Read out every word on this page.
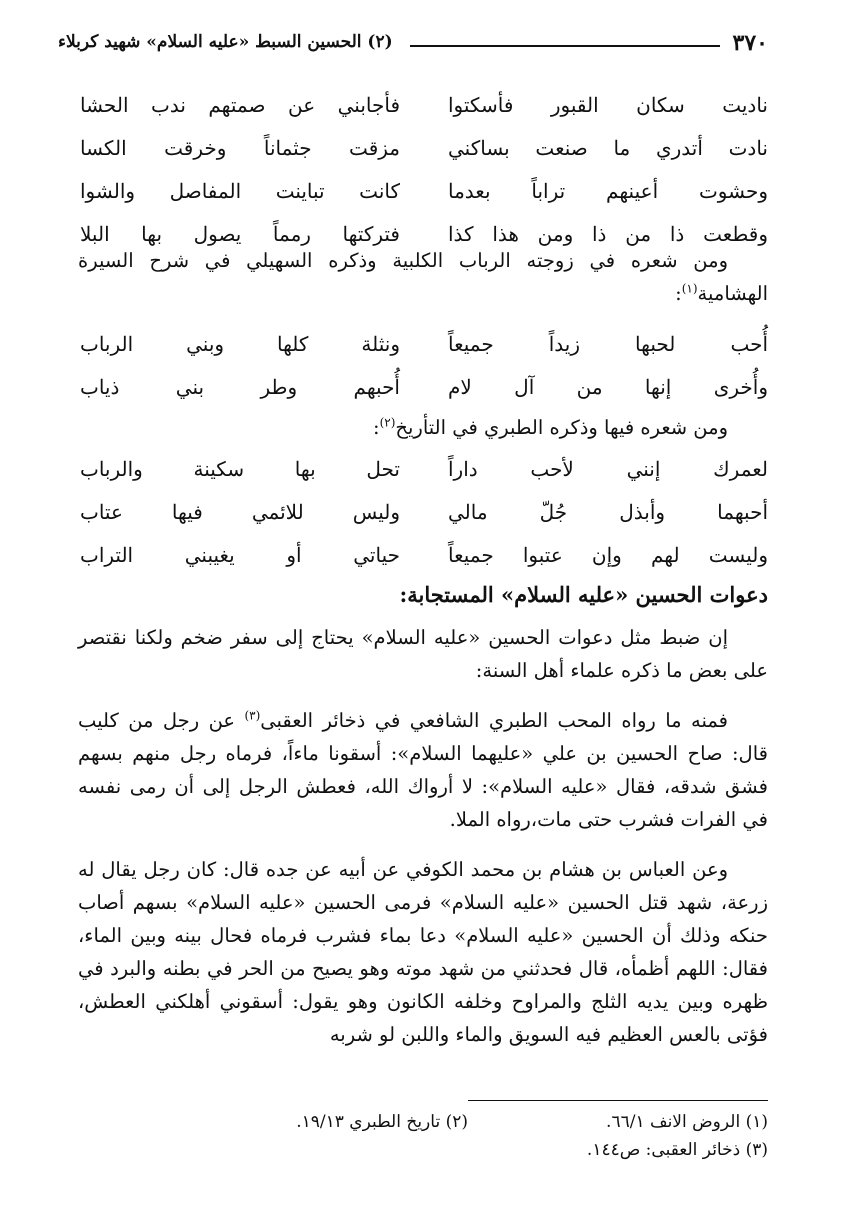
٣٧٠
(٢) الحسين السبط «عليه السلام» شهيد كربلاء
ناديت سكان القبور فأسكتوا
فأجابني عن صمتهم ندب الحشا
نادت أتدري ما صنعت بساكني
مزقت جثماناً وخرقت الكسا
وحشوت أعينهم تراباً بعدما
كانت تباينت المفاصل والشوا
وقطعت ذا من ذا ومن هذا كذا
فتركتها رمماً يصول بها البلا

ومن شعره في زوجته الرباب الكلبية وذكره السهيلي في شرح السيرة الهشامية$^{(١)}$:

أُحب لحبها زيداً جميعاً
ونثلة كلها وبني الرباب
وأُخرى إنها من آل لام
أُحبهم وطر بني ذياب

ومن شعره فيها وذكره الطبري في التأريخ$^{(٢)}$:

لعمرك إنني لأحب داراً
تحل بها سكينة والرباب
أحبهما وأبذل جُلّ مالي
وليس للائمي فيها عتاب
وليست لهم وإن عتبوا جميعاً
حياتي أو يغيبني التراب
دعوات الحسين «عليه السلام» المستجابة:

إن ضبط مثل دعوات الحسين «عليه السلام» يحتاج إلى سفر ضخم ولكنا نقتصر على بعض ما ذكره علماء أهل السنة:

فمنه ما رواه المحب الطبري الشافعي في ذخائر العقبى$^{(٣)}$ عن رجل من كليب قال: صاح الحسين بن علي «عليهما السلام»: أسقونا ماءاً، فرماه رجل منهم بسهم فشق شدقه، فقال «عليه السلام»: لا أرواك الله، فعطش الرجل إلى أن رمى نفسه في الفرات فشرب حتى مات،رواه الملا.

وعن العباس بن هشام بن محمد الكوفي عن أبيه عن جده قال: كان رجل يقال له زرعة، شهد قتل الحسين «عليه السلام» فرمى الحسين «عليه السلام» بسهم أصاب حنكه وذلك أن الحسين «عليه السلام» دعا بماء فشرب فرماه فحال بينه وبين الماء، فقال: اللهم أظمأه، قال فحدثني من شهد موته وهو يصيح من الحر في بطنه والبرد في ظهره وبين يديه الثلج والمراوح وخلفه الكانون وهو يقول: أسقوني أهلكني العطش، فؤتى بالعس العظيم فيه السويق والماء واللبن لو شربه

(١) الروض الانف ٦٦/١.
(٢) تاريخ الطبري ١٩/١٣.
(٣) ذخائر العقبى: ص١٤٤.
